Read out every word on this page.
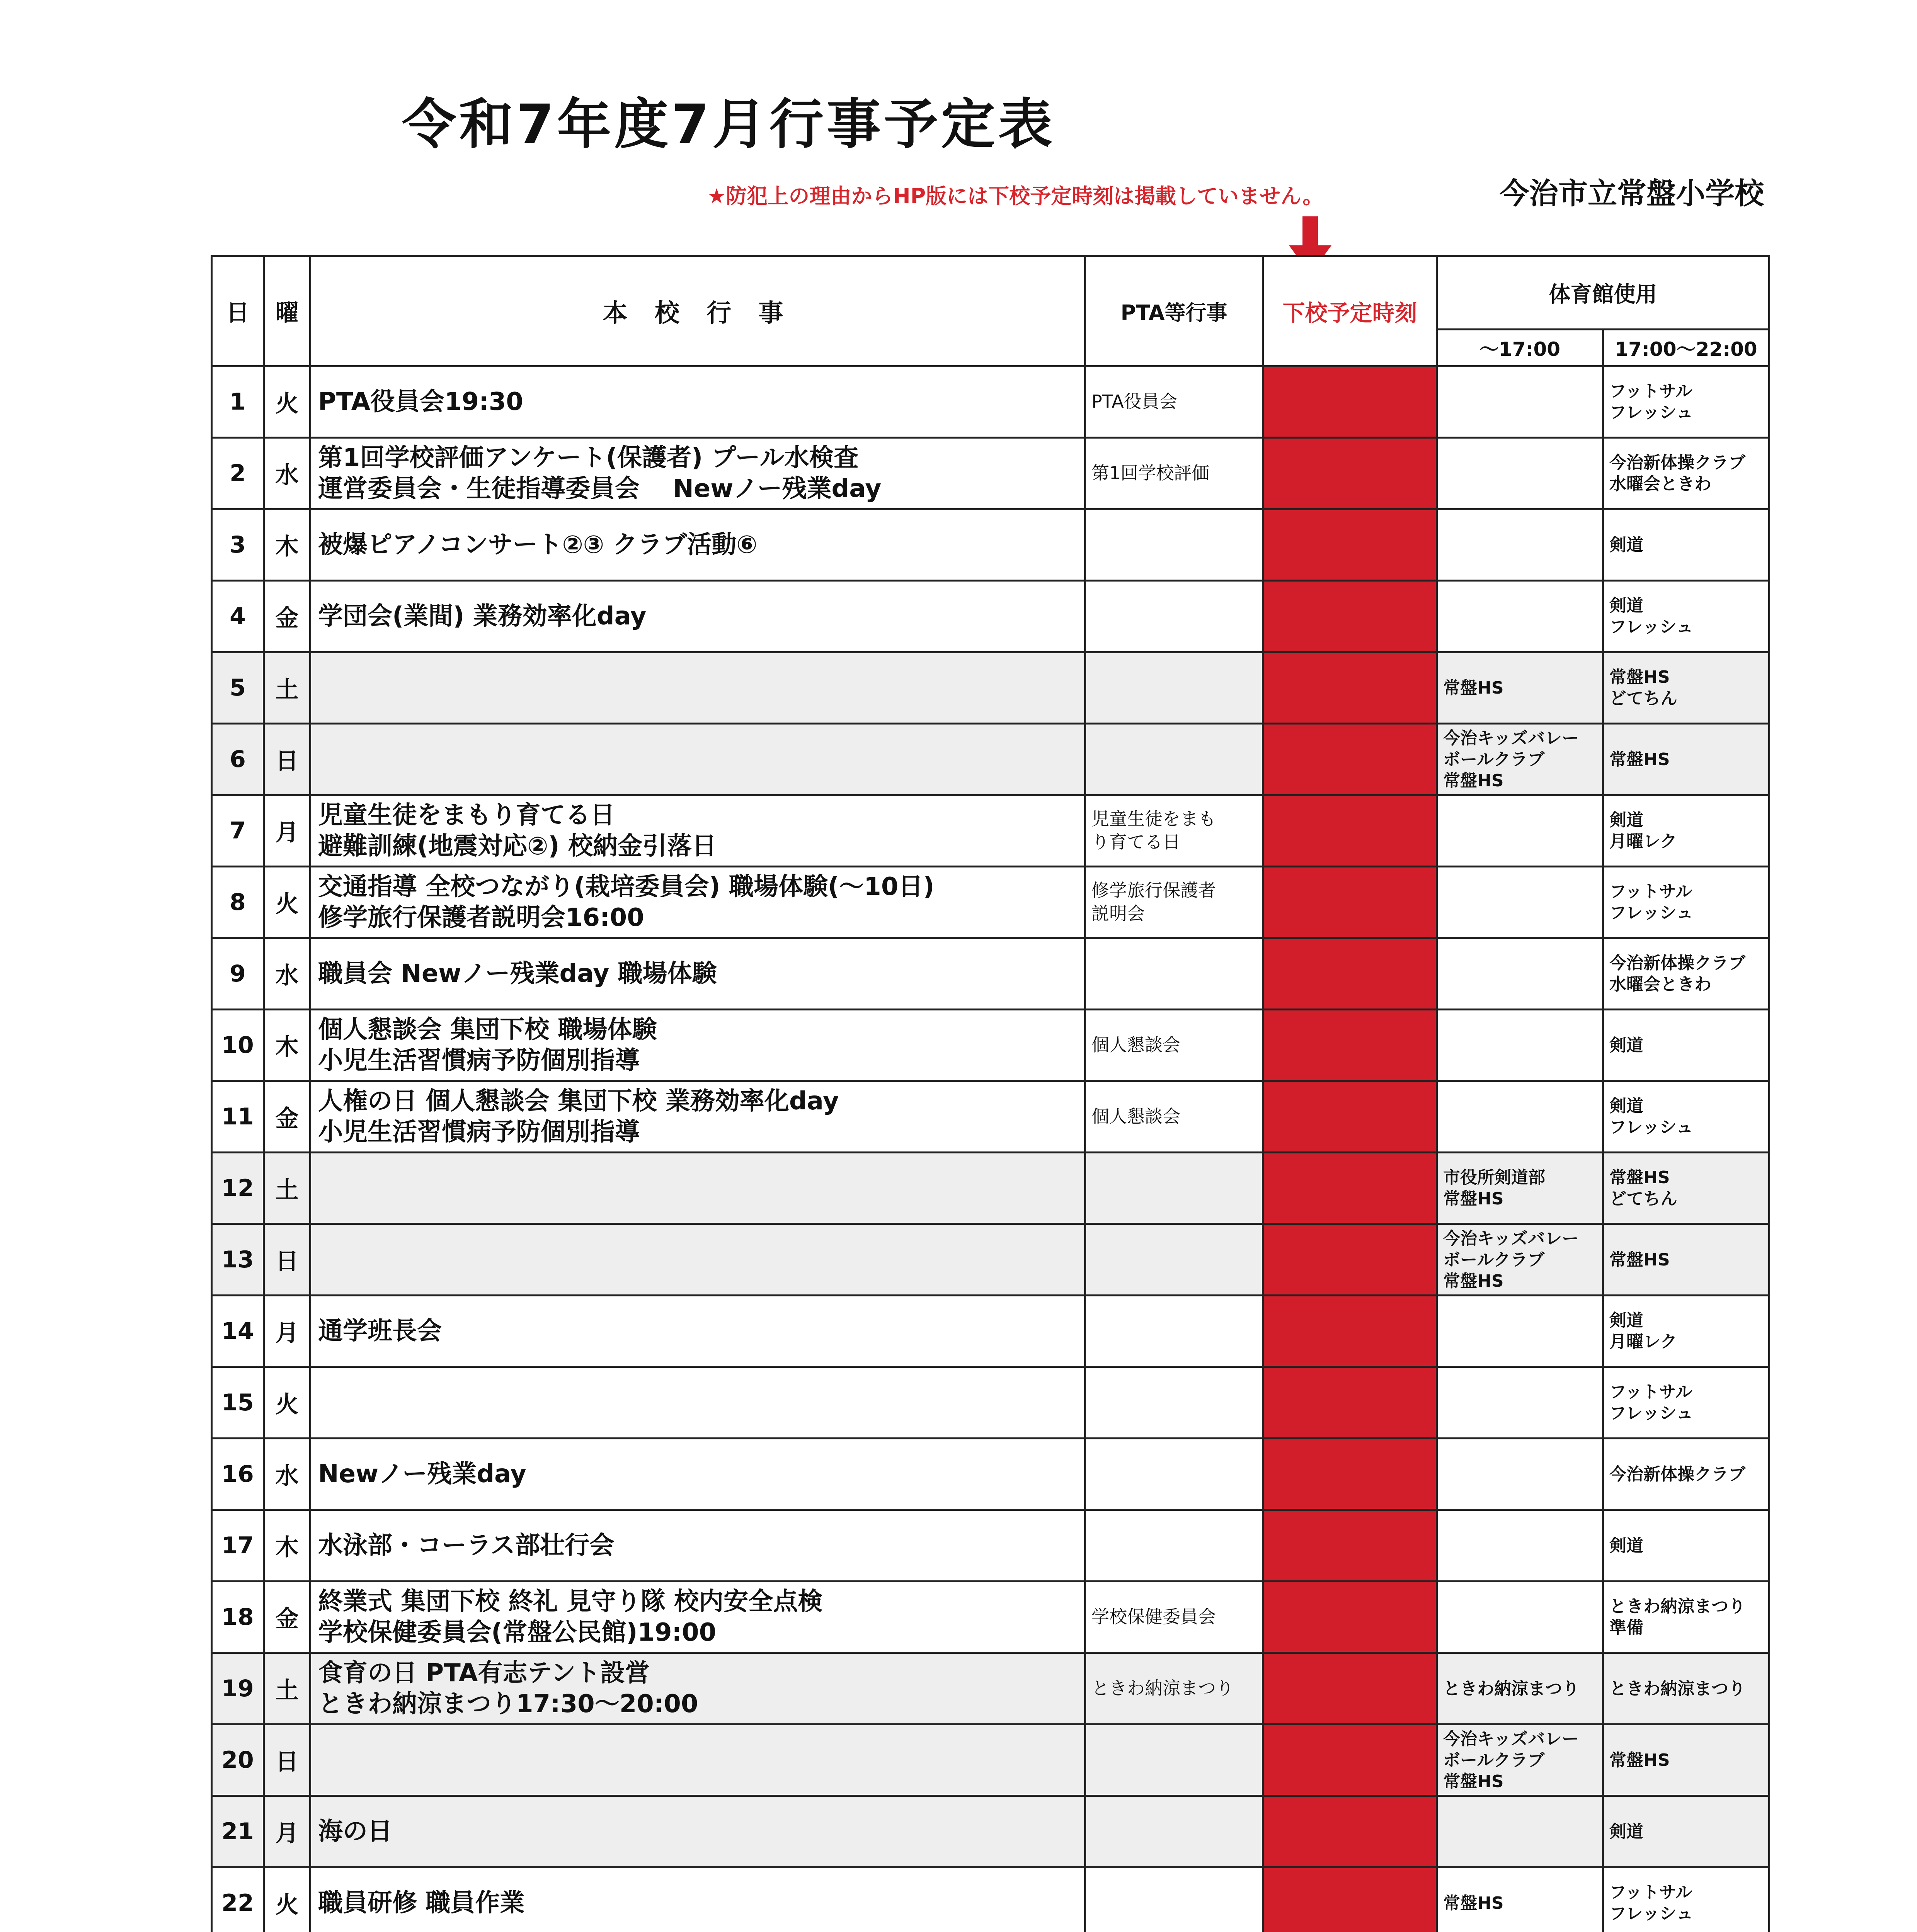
令和7年度7月行事予定表
★防犯上の理由からHP版には下校予定時刻は掲載していません。	今治市立常盤小学校
日	曜	本 校 行 事	PTA等行事	下校予定時刻	体育館使用	
					～17:00	17:00～22:00
1	火	PTA役員会19:30	PTA役員会			フットサル
フレッシュ
2	水	第1回学校評価アンケート(保護者) プール水検査
運営委員会・生徒指導委員会　 Newノー残業day	第1回学校評価			今治新体操クラブ
水曜会ときわ
3	木	被爆ピアノコンサート②③ クラブ活動⑥				剣道
4	金	学団会(業間) 業務効率化day				剣道
フレッシュ
5	土				常盤HS	常盤HS
どてちん
6	日				今治キッズバレー
ボールクラブ
常盤HS	常盤HS
7	月	児童生徒をまもり育てる日
避難訓練(地震対応②) 校納金引落日	児童生徒をまも
り育てる日			剣道
月曜レク
8	火	交通指導 全校つながり(栽培委員会) 職場体験(～10日)
修学旅行保護者説明会16:00	修学旅行保護者
説明会			フットサル
フレッシュ
9	水	職員会 Newノー残業day 職場体験				今治新体操クラブ
水曜会ときわ
10	木	個人懇談会 集団下校 職場体験
小児生活習慣病予防個別指導	個人懇談会			剣道
11	金	人権の日 個人懇談会 集団下校 業務効率化day
小児生活習慣病予防個別指導	個人懇談会			剣道
フレッシュ
12	土				市役所剣道部
常盤HS	常盤HS
どてちん
13	日				今治キッズバレー
ボールクラブ
常盤HS	常盤HS
14	月	通学班長会				剣道
月曜レク
15	火					フットサル
フレッシュ
16	水	Newノー残業day				今治新体操クラブ
17	木	水泳部・コーラス部壮行会				剣道
18	金	終業式 集団下校 終礼 見守り隊 校内安全点検
学校保健委員会(常盤公民館)19:00	学校保健委員会			ときわ納涼まつり
準備
19	土	食育の日 PTA有志テント設営
ときわ納涼まつり17:30～20:00	ときわ納涼まつり		ときわ納涼まつり	ときわ納涼まつり
20	日				今治キッズバレー
ボールクラブ
常盤HS	常盤HS
21	月	海の日				剣道
22	火	職員研修 職員作業			常盤HS	フットサル
フレッシュ
